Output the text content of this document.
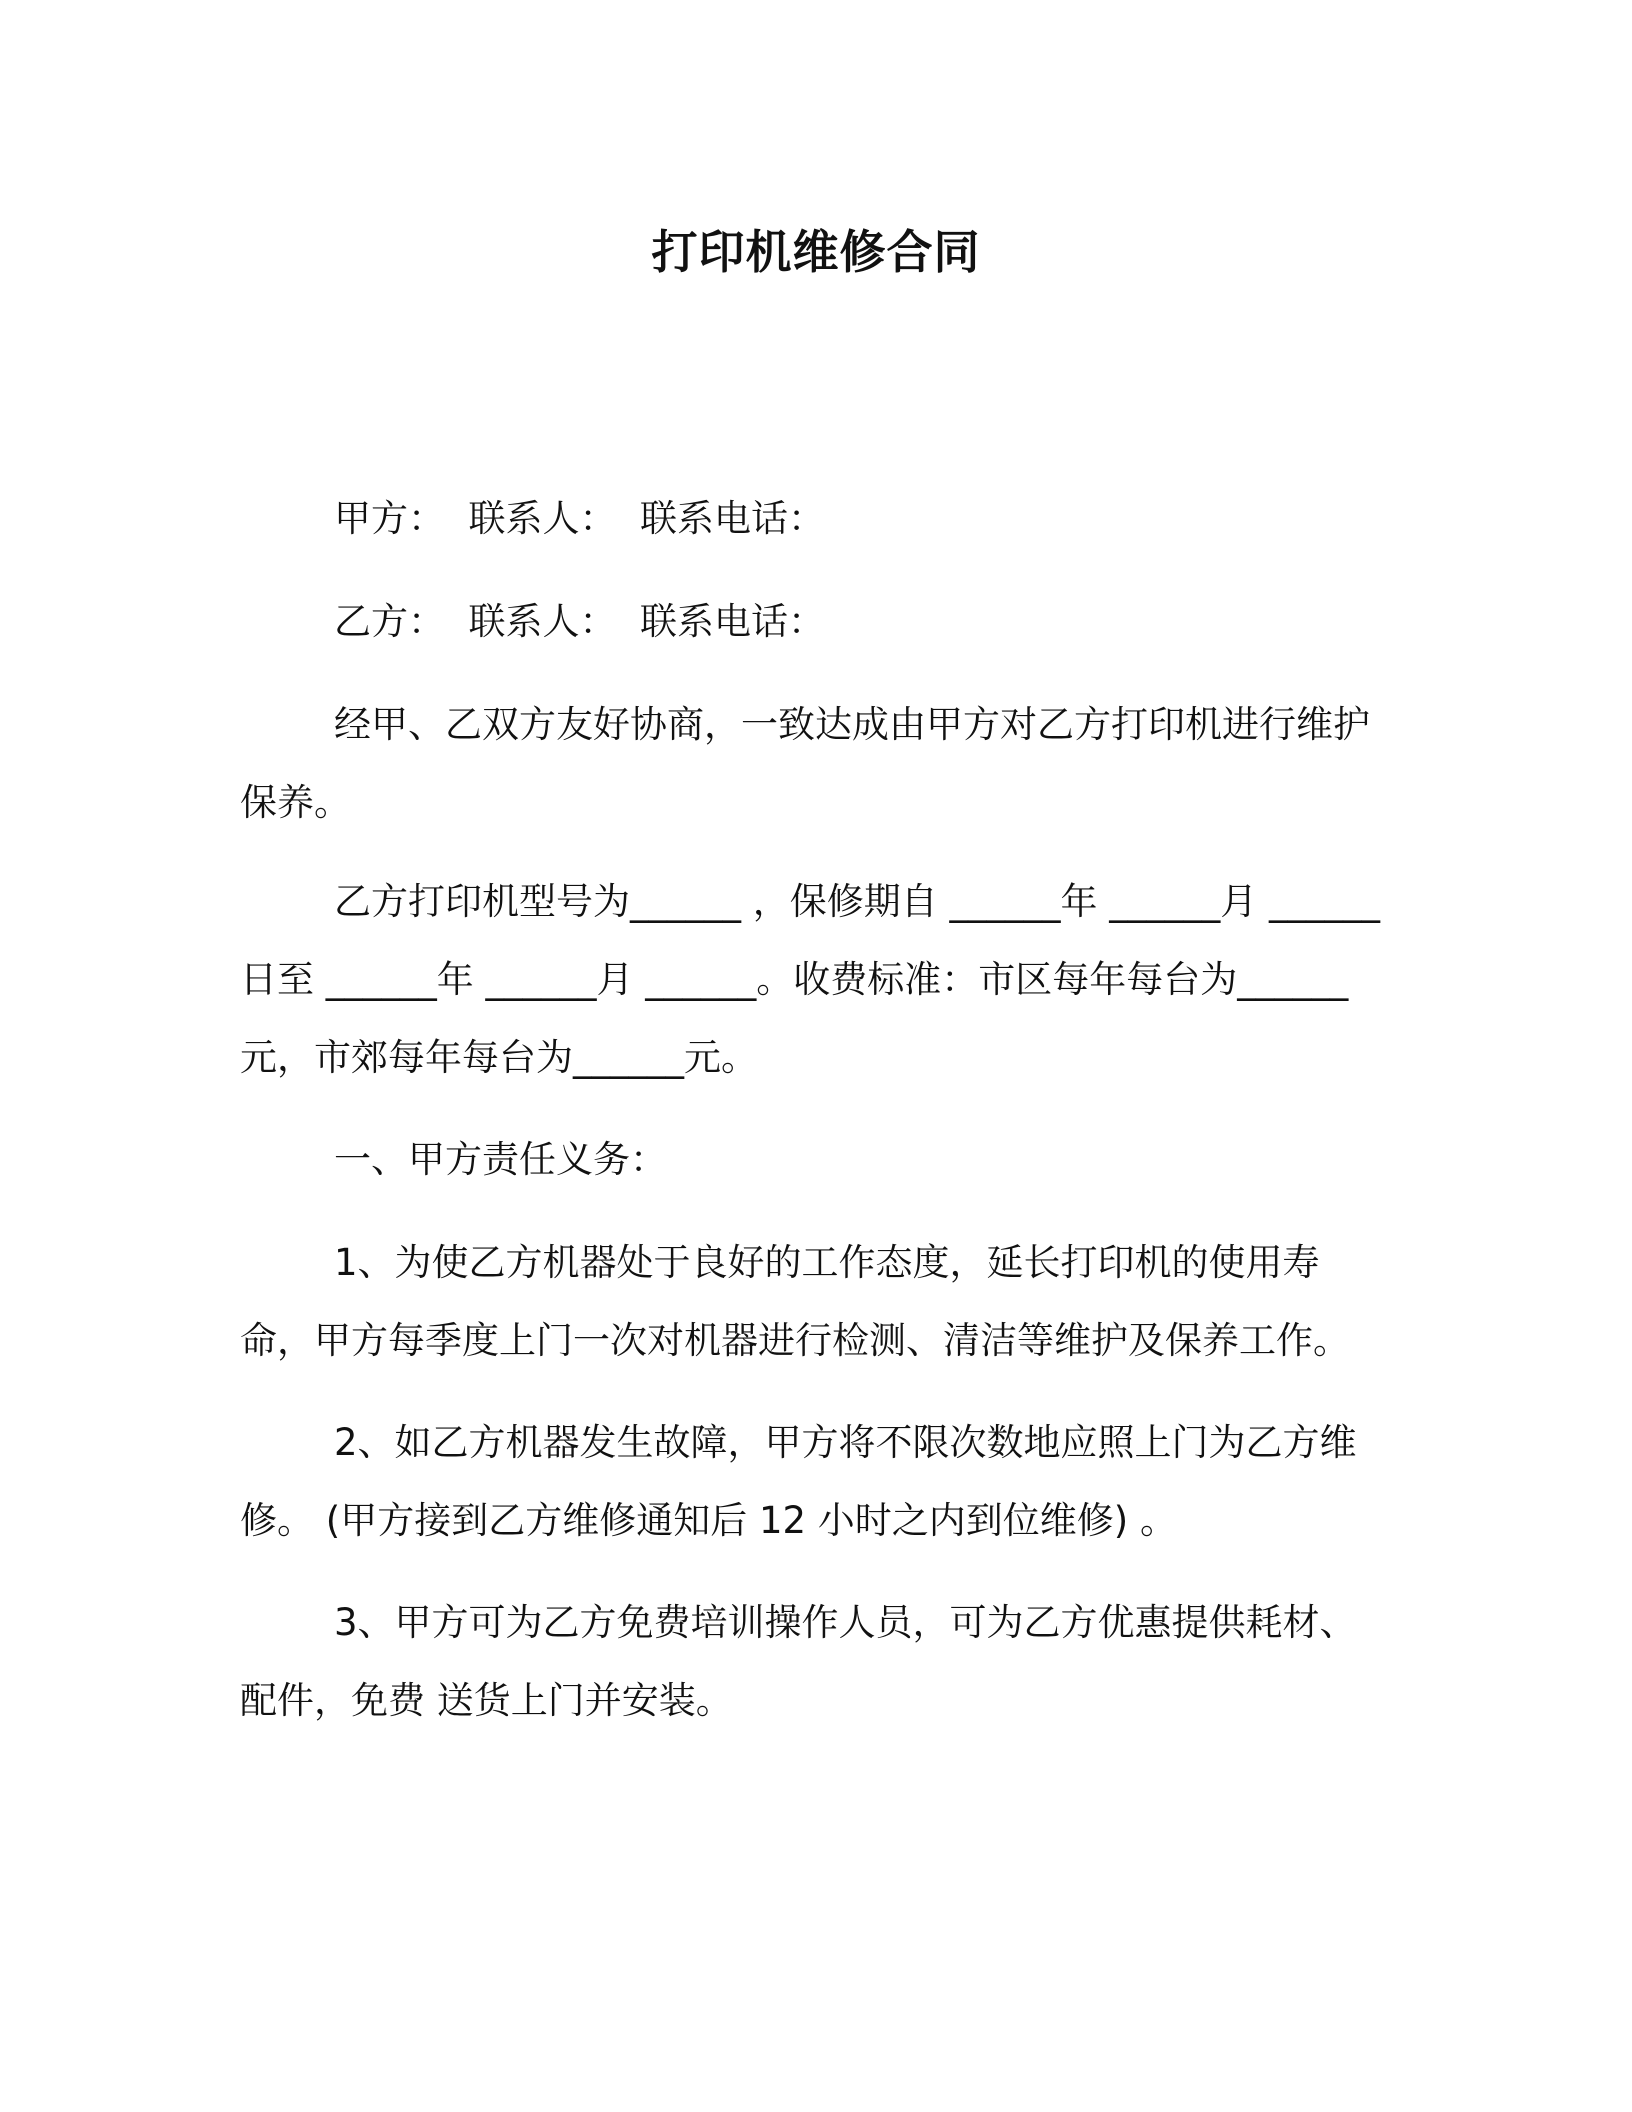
打印机维修合同

甲方：  联系人：  联系电话：

乙方：  联系人：  联系电话：

经甲、乙双方友好协商，一致达成由甲方对乙方打印机进行维护保养。

乙方打印机型号为______ ，保修期自 ______年 ______月 ______日至 ______年 ______月 ______。收费标准：市区每年每台为______元，市郊每年每台为______元。

一、甲方责任义务：

1、为使乙方机器处于良好的工作态度，延长打印机的使用寿命，甲方每季度上门一次对机器进行检测、清洁等维护及保养工作。

2、如乙方机器发生故障，甲方将不限次数地应照上门为乙方维修。 (甲方接到乙方维修通知后 12 小时之内到位维修) 。

3、甲方可为乙方免费培训操作人员，可为乙方优惠提供耗材、配件，免费 送货上门并安装。
